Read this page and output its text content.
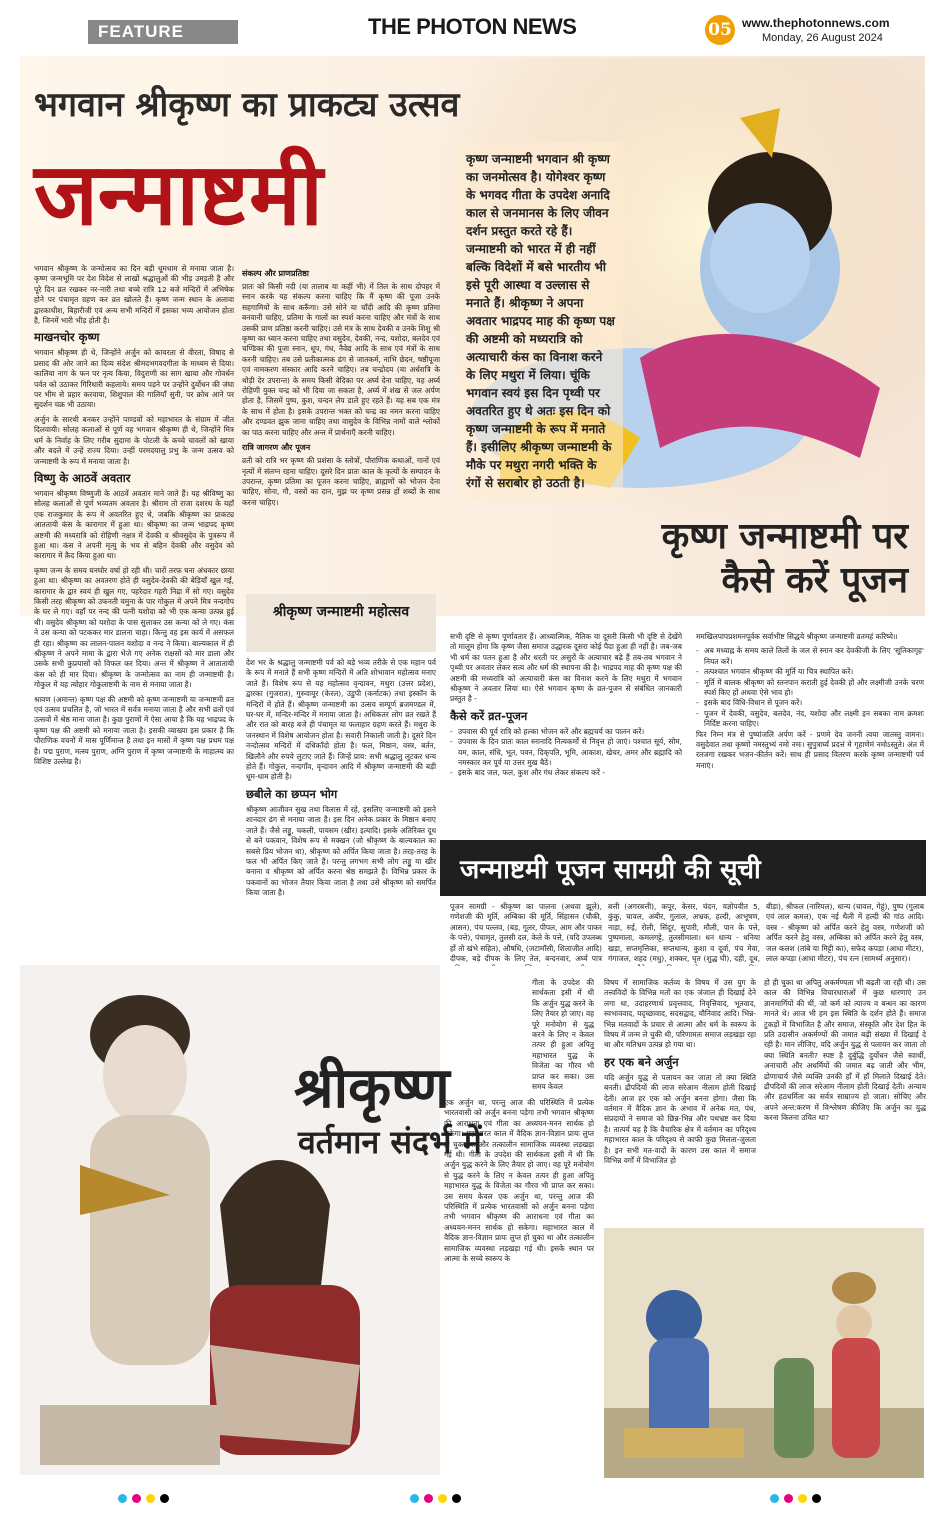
FEATURE	THE PHOTON NEWS	05 www.thephotonnews.com
Monday, 26 August 2024
भगवान श्रीकृष्ण का प्राकट्य उत्सव
जन्माष्टमी	कृष्ण जन्माष्टमी भगवान श्री कृष्ण का जनमोत्सव है। योगेश्वर कृष्ण के भगवद गीता के उपदेश अनादि काल से जनमानस के लिए जीवन दर्शन प्रस्तुत करते रहे हैं। जन्माष्टमी को भारत में ही नहीं बल्कि विदेशों में बसे भारतीय भी इसे पूरी आस्था व उल्लास से मनाते हैं। श्रीकृष्ण ने अपना अवतार भाद्रपद माह की कृष्ण पक्ष की अष्टमी को मध्यरात्रि को अत्याचारी कंस का विनाश करने के लिए मथुरा में लिया। चूंकि भगवान स्वयं इस दिन पृथ्वी पर अवतरित हुए थे अतः इस दिन को कृष्ण जन्माष्टमी के रूप में मनाते हैं। इसीलिए श्रीकृष्ण जन्माष्टमी के मौके पर मथुरा नगरी भक्ति के रंगों से सराबोर हो उठती है।
कृष्ण जन्माष्टमी पर कैसे करें पूजन

भगवान श्रीकृष्ण के जन्मोत्सव का दिन बड़ी धूमधाम से मनाया जाता है। कृष्ण जन्मभूमि पर देश विदेश से लाखों श्रद्धालुओं की भीड़ उमड़ती है और पूरे दिन व्रत रखकर नर-नारी तथा बच्चे रात्रि 12 बजे मन्दिरों में अभिषेक होने पर पंचामृत ग्रहण कर व्रत खोलते हैं। कृष्ण जन्म स्थान के अलावा द्वारकाधीश, बिहारीजी एवं अन्य सभी मन्दिरों में इसका भव्य आयोजन होता है, जिनमें भारी भीड़ होती है।

माखनचोर कृष्ण

भगवान श्रीकृष्ण ही थे, जिन्होंने अर्जुन को कायरता से वीरता, विषाद से प्रसाद की ओर जाने का दिव्य संदेश श्रीमदभगवदगीता के माध्यम से दिया। कालिया नाग के फन पर नृत्य किया, विदुराणी का साग खाया और गोवर्धन पर्वत को उठाकर गिरिधारी कहलाये। समय पड़ने पर उन्होंने दुर्योधन की जंघा पर भीम से प्रहार करवाया, शिशुपाल की गालियाँ सुनी, पर क्रोध आने पर सुदर्शन चक्र भी उठाया।

अर्जुन के सारथी बनकर उन्होंने पाण्डवों को महाभारत के संग्राम में जीत दिलवायी। सोलह कलाओं से पूर्ण वह भगवान श्रीकृष्ण ही थे, जिन्होंने मित्र धर्म के निर्वाह के लिए गरीब सुदामा के पोटली के कच्चे चावलों को खाया और बदले में उन्हें राज्य दिया। उन्हीं परमदयालु प्रभु के जन्म उत्सव को जन्माष्टमी के रूप में मनाया जाता है।

विष्णु के आठवें अवतार

भगवान श्रीकृष्ण विष्णुजी के आठवें अवतार माने जाते हैं। यह श्रीविष्णु का सोलह कलाओं से पूर्ण भव्यतम अवतार है। श्रीराम तो राजा दशरथ के यहाँ एक राजकुमार के रूप में अवतरित हुए थे, जबकि श्रीकृष्ण का प्राकट्य आततायी कंस के कारागार में हुआ था। श्रीकृष्ण का जन्म भाद्रपद कृष्ण अष्टमी की मध्यरात्रि को रोहिणी नक्षत्र में देवकी व श्रीवसुदेव के पुत्ररूप में हुआ था। कंस ने अपनी मृत्यु के भय से बहिन देवकी और वसुदेव को कारागार में क़ैद किया हुआ था।

कृष्ण जन्म के समय घनघोर वर्षा हो रही थी। चारों तरफ़ घना अंधकार छाया हुआ था। श्रीकृष्ण का अवतरण होते ही वसुदेव-देवकी की बेड़ियाँ खुल गईं, कारागार के द्वार स्वयं ही खुल गए, पहरेदार गहरी निद्रा में सो गए। वसुदेव किसी तरह श्रीकृष्ण को उफनती यमुना के पार गोकुल में अपने मित्र नन्दगोप के घर ले गए। वहाँ पर नन्द की पत्नी यशोदा को भी एक कन्या उत्पन्न हुई थी। वसुदेव श्रीकृष्ण को यशोदा के पास सुलाकर उस कन्या को ले गए। कंस ने उस कन्या को पटककर मार डालना चाहा। किन्तु वह इस कार्य में असफल ही रहा। श्रीकृष्ण का लालन-पालन यशोदा व नन्द ने किया। बाल्यकाल में ही श्रीकृष्ण ने अपने मामा के द्वारा भेजे गए अनेक राक्षसों को मार डाला और उसके सभी कुप्रयासों को विफल कर दिया। अन्त में श्रीकृष्ण ने आतातायी कंस को ही मार दिया। श्रीकृष्ण के जन्मोत्सव का नाम ही जन्माष्टमी है। गोकुल में यह त्योहार गोकुलाष्टमी के नाम से मनाया जाता है।

श्रावण (अमान्त) कृष्ण पक्ष की अष्टमी को कृष्ण जन्माष्टमी या जन्माष्टमी व्रत एवं उत्सव प्रचलित है, जो भारत में सर्वत्र मनाया जाता है और सभी व्रतों एवं उत्सवों में श्रेष्ठ माना जाता है। कुछ पुराणों में ऐसा आया है कि यह भाद्रपद के कृष्ण पक्ष की अष्टमी को मनाया जाता है। इसकी व्याख्या इस प्रकार है कि पौराणिक वचनों में मास पूर्णिमान्त है तथा इन मासों में कृष्ण पक्ष प्रथम पक्ष है। पद्म पुराण, मत्स्य पुराण, अग्नि पुराण में कृष्ण जन्माष्टमी के माहात्म्य का विशिष्ट उल्लेख है।

संकल्प और प्राणप्रतिष्ठा

प्रातः को किसी नदी (या तालाब या कहीं भी) में तिल के साथ दोपहर में स्नान करके यह संकल्प करना चाहिए कि मैं कृष्ण की पूजा उनके सहगामियों के साथ करूँगा। उसे सोने या चाँदी आदि की कृष्ण प्रतिमा बनवानी चाहिए, प्रतिमा के गालों का स्पर्श करना चाहिए और मंत्रों के साथ उसकी प्राण प्रतिष्ठा करनी चाहिए। उसे मंत्र के साथ देवकी व उनके शिशु श्री कृष्ण का ध्यान करना चाहिए तथा वसुदेव, देवकी, नन्द, यशोदा, बलदेव एवं चण्डिका की पूजा स्नान, धूप, गंध, नैवेद्य आदि के साथ एवं मंत्रों के साथ करनी चाहिए। तब उसे प्रतीकात्मक ढंग से जातकर्म, नाभि छेदन, षष्ठीपूजा एवं नामकरण संस्कार आदि करने चाहिए। तब चन्द्रोदय (या अर्धरात्रि के थोड़ी देर उपरान्त) के समय किसी वेदिका पर अर्घ्य देना चाहिए, यह अर्घ्य रोहिणी युक्त चन्द्र को भी दिया जा सकता है, अर्घ्य में शंख से जल अर्पण होता है, जिसमें पुष्प, कुश, चन्दन लेप डाले हुए रहते हैं। यह सब एक मंत्र के साथ में होता है। इसके उपरान्त भक्त को चन्द्र का नमन करना चाहिए और दण्डवत झुक जाना चाहिए तथा वासुदेव के विभिन्न नामों वाले श्लोकों का पाठ करना चाहिए और अन्त में प्रार्थनाएँ करनी चाहिए।

रात्रि जागरण और पूजन

व्रती को रात्रि भर कृष्ण की प्रशंसा के स्तोत्रों, पौराणिक कथाओं, गानों एवं नृत्यों में संलग्न रहना चाहिए। दूसरे दिन प्रातः काल के कृत्यों के सम्पादन के उपरान्त, कृष्ण प्रतिमा का पूजन करना चाहिए, ब्राह्मणों को भोजन देना चाहिए, सोना, गौ, वस्त्रों का दान, मुझ पर कृष्ण प्रसन्न हों शब्दों के साथ करना चाहिए।

श्रीकृष्ण जन्माष्टमी महोत्सव

देश भर के श्रद्धालु जन्माष्टमी पर्व को बड़े भव्य तरीक़े से एक महान पर्व के रूप में मनाते हैं सभी कृष्ण मन्दिरों में अति शोभावान महोत्सव मनाए जाते हैं। विशेष रूप से यह महोत्सव वृन्दावन, मथुरा (उत्तर प्रदेश), द्वारका (गुजरात), गुरुवायूर (केरल), उडुपी (कर्नाटक) तथा इस्कॉन के मन्दिरों में होते हैं। श्रीकृष्ण जन्माष्टमी का उत्सव सम्पूर्ण ब्रजमण्डल में, घर-घर में, मन्दिर-मन्दिर में मनाया जाता है। अधिकतर लोग व्रत रखते हैं और रात को बारह बजे ही पंचामृत या फलाहार ग्रहण करते हैं। मथुरा के जनस्थान में विशेष आयोजन होता है। सवारी निकाली जाती है। दूसरे दिन नन्दोत्सव मन्दिरों में दधिकाँदो होता है। फल, मिष्ठान, वस्त्र, बर्तन, खिलौने और रुपये लुटाए जाते हैं। जिन्हें प्राय: सभी श्रद्धालु लूटकर धन्य होते हैं। गोकुल, नन्दगाँव, वृन्दावन आदि में श्रीकृष्ण जन्माष्टमी की बड़ी धूम-धाम होती है।

छबीले का छप्पन भोग

श्रीकृष्ण आजीवन सुख तथा विलास में रहे, इसलिए जन्माष्टमी को इसने शानदार ढंग से मनाया जाता है। इस दिन अनेक प्रकार के मिष्ठान बनाए जाते हैं। जैसे लड्डू, चकली, पायसम (खीर) इत्यादि। इसके अतिरिक्त दूध से बने पकवान, विशेष रूप से मक्खन (जो श्रीकृष्ण के बाल्यकाल का सबसे प्रिय भोजन था), श्रीकृष्ण को अर्पित किया जाता है। तरह-तरह के फल भी अर्पित किए जाते हैं। परन्तु लगभग सभी लोग लड्डू या खीर बनाना व श्रीकृष्ण को अर्पित करना श्रेष्ठ समझते हैं। विभिन्न प्रकार के पकवानों का भोजन तैयार किया जाता है तथा उसे श्रीकृष्ण को समर्पित किया जाता है।

सभी दृष्टि से कृष्ण पूर्णावतार हैं। आध्यात्मिक, नैतिक या दूसरी किसी भी दृष्टि से देखेंगे तो मालूम होगा कि कृष्ण जैसा समाज उद्धारक दूसरा कोई पैदा हुआ ही नहीं है। जब-जब भी धर्म का पतन हुआ है और धरती पर असुरों के अत्याचार बढ़े हैं तब-तब भगवान ने पृथ्वी पर अवतार लेकर सत्य और धर्म की स्थापना की है। भाद्रपद माह की कृष्ण पक्ष की अष्टमी की मध्यरात्रि को अत्याचारी कंस का विनाश करने के लिए मथुरा में भगवान श्रीकृष्ण ने अवतार लिया था। ऐसे भगवान कृष्ण के व्रत-पूजन से संबंधित जानकारी प्रस्तुत है -

कैसे करें व्रत-पूजन
- उपवास की पूर्व रात्रि को हल्का भोजन करें और ब्रह्मचर्य का पालन करें।
- उपवास के दिन प्रातः काल स्नानादि नित्यकर्मों से निवृत्त हो जाएं। पश्चात सूर्य, सोम, यम, काल, संधि, भूत, पवन, दिक्‌पति, भूमि, आकाश, खेचर, अमर और ब्रह्मादि को नमस्कार कर पूर्व या उत्तर मुख बैठें।
- इसके बाद जल, फल, कुश और गंध लेकर संकल्प करें -

ममखिलपापप्रशमनपूर्वक सर्वाभीष्ट सिद्धये श्रीकृष्ण जन्माष्टमी व्रतमहं करिष्ये॥

- अब मध्याह्न के समय काले तिलों के जल से स्नान कर देवकीजी के लिए 'सूतिकागृह' नियत करें।
- तत्पश्चात भगवान श्रीकृष्ण की मूर्ति या चित्र स्थापित करें।
- मूर्ति में बालक श्रीकृष्ण को स्तनपान कराती हुई देवकी हों और लक्ष्मीजी उनके चरण स्पर्श किए हों अथवा ऐसे भाव हो।
- इसके बाद विधि-विधान से पूजन करें।
- पूजन में देवकी, वसुदेव, बलदेव, नंद, यशोदा और लक्ष्मी इन सबका नाम क्रमशः निर्दिष्ट करना चाहिए।

फिर निम्न मंत्र से पुष्पांजलि अर्पण करें - प्रणमे देव जननी त्वया जातस्तु वामनः। वसुदेवात तथा कृष्णो नमस्तुभ्यं नमो नमः। सुपुत्रार्घ्यं प्रदत्तं मे गृहाणेमं नमोऽस्तुते। अंत में रतजगा रखकर भजन-कीर्तन करें। साथ ही प्रसाद वितरण करके कृष्ण जन्माष्टमी पर्व मनाएं।

जन्माष्टमी पूजन सामग्री की सूची
पूजन सामग्री - श्रीकृष्ण का पालना (अथवा झूले), गणेशजी की मूर्ति, अम्बिका की मूर्ति, सिंहासन (चौकी, आसन), पंच पल्लव, (बड़, गूलर, पीपल, आम और पाकर के पत्ते), पंचामृत, तुलसी दल, केले के पत्ते, (यदि उपलब्ध हों तो खंभे सहित), औषधि, (जटामॉसी, शिलाजीत आदि) दीपक, बड़े दीपक के लिए तेल, बन्दनवार, अर्घ्य पात्र
बत्ती (अगरबत्ती), कपूर, केसर, चंदन, यज्ञोपवीत 5, कुंकु, चावल, अबीर, गुलाल, अभ्रक, हल्दी, आभूषण, नाड़ा, रुई, रोली, सिंदूर, सुपारी, मौली, पान के पत्ते, पुष्पमाला, कमलगट्टे, तुलसीमाला। धन धान्य - धनिया खड़ा, सप्तमृत्तिका, सप्तधान्य, कुशा व दूर्वा, पंच मेवा, गंगाजल, शहद (मधु), शक्कर, घृत (शुद्ध घी), दही, दूध,
बीड़ा), श्रीफल (नारियल), धान्य (चावल, गेहूं), पुष्प (गुलाब एवं लाल कमल), एक नई थैली में हल्दी की गांठ आदि। वस्त्र - श्रीकृष्ण को अर्पित करने हेतु वस्त्र, गणेशजी को अर्पित करने हेतु वस्त्र, अम्बिका को अर्पित करने हेतु वस्त्र, जल कलश (तांबे या मिट्टी का), सफेद कपड़ा (आधा मीटर), लाल कपड़ा (आधा मीटर), पंच रत्न (सामर्थ्य अनुसार)।
श्रीकृष्ण
वर्तमान संदर्भ में
गीता के उपदेश की सार्थकता इसी में थी कि अर्जुन युद्ध करने के लिए तैयार हो जाए। वह पूरे मनोयोग से युद्ध करने के लिए न केवल तत्पर ही हुआ अपितु महाभारत युद्ध के विजेता का गौरव भी प्राप्त कर सका। उस समय केवल
एक अर्जुन था, परन्तु आज की परिस्थिति में प्रत्येक भारतवासी को अर्जुन बनना पड़ेगा तभी भगवान श्रीकृष्ण की आराधना एवं गीता का अध्ययन-मनन सार्थक हो सकेगा। महाभारत काल में वैदिक ज्ञान-विज्ञान प्रायः लुप्त हो चुका था और तत्कालीन सामाजिक व्यवस्था लड़खड़ा गई थी। गीता के उपदेश की सार्थकता इसी में थी कि अर्जुन युद्ध करने के लिए तैयार हो जाए। वह पूरे मनोयोग से युद्ध करने के लिए न केवल तत्पर ही हुआ अपितु महाभारत युद्ध के विजेता का गौरव भी प्राप्त कर सका। उस समय केवल एक अर्जुन था, परन्तु आज की परिस्थिति में प्रत्येक भारतवासी को अर्जुन बनना पड़ेगा तभी भगवान श्रीकृष्ण की आराधना एवं गीता का अध्ययन-मनन सार्थक हो सकेगा। महाभारत काल में वैदिक ज्ञान-विज्ञान प्रायः लुप्त हो चुका था और तत्कालीन सामाजिक व्यवस्था लड़खड़ा गई थी। इसके स्थान पर आत्मा के सच्चे स्वरूप के

विषय में सामाजिक कर्तव्य के विषय में उस युग के तत्त्वविदों के विभिन्न मतों का एक जंजाल ही दिखाई देने लगा था, उदाहरणार्थ प्रवृत्तवाद, निवृत्तिवाद, भूतवाद, स्वभाववाद, यदृच्छावाद, सदसद्वाद, यौनिवाद आदि। भिन्न-भिन्न मतवादों के प्रचार से आत्मा और धर्म के स्वरूप के विषय में जन्म ले चुकी थी, परिणामतः समाज लड़खड़ा रहा था और मतिभ्रम उत्पन्न हो गया था।

हर एक बने अर्जुन

यदि अर्जुन युद्ध से पलायन कर जाता तो क्या स्थिति बनती। द्रौपदियों की लाज सरेआम नीलाम होती दिखाई देती। आज हर एक को अर्जुन बनना होगा। जैसा कि वर्तमान में वैदिक ज्ञान के अभाव में अनेक मत, पंथ, संप्रदायों ने समाज को छिन्न-भिन्न और पथभ्रष्ट कर दिया है। तात्पर्य यह है कि वैचारिक क्षेत्र में वर्तमान का परिदृश्य महाभारत काल के परिदृश्य से काफी कुछ मिलता-जुलता है। इन सभी मत-वादों के कारण उस काल में समाज विभिन्न वर्गों में विभाजित हो

हो ही चुका था अपितु अकर्मण्यता भी बढ़ती जा रही थी। उस काल की विभिन्न विचारधाराओं में कुछ धारणाएं उन ज्ञानमार्गियों की थीं, जो कर्म को त्याज्य व बन्धन का कारण मानते थे। आज भी हम इस स्थिति के दर्शन होते हैं। समाज टुकड़ों में विभाजित है और समाज, संस्कृति और देश हित के प्रति उदासीन अकर्मण्यों की जमात बढ़ी संख्या में दिखाई दे रही है। मान लीजिए, यदि अर्जुन युद्ध से पलायन कर जाता तो क्या स्थिति बनती? स्पष्ट है दुर्बुद्धि दुर्योधन जैसे स्वार्थी, अनाचारी और अधर्मियों की जमात बढ़ जाती और भीम, द्रोणाचार्य जैसे व्यक्ति उनकी हाँ में हाँ मिलाते दिखाई देते। द्रौपदियों की लाज सरेआम नीलाम होती दिखाई देती। अन्याय और हठधर्मिता का सर्वत्र साम्राज्य हो जाता। सोचिए और अपने अन्त:करण में विश्लेषण कीजिए कि अर्जुन का युद्ध करना कितना उचित था?
